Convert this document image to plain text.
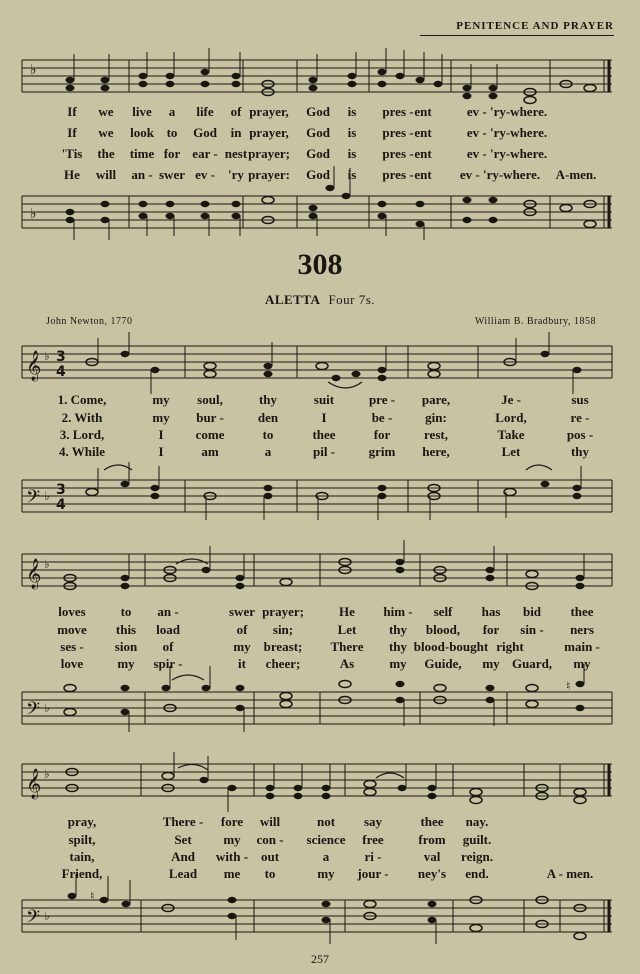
PENITENCE AND PRAYER
♭
♭
If we live a life of prayer, God is pres - ent	ev - 'ry-where.
If we look to God in prayer, God is pres - ent	ev - 'ry-where.
'Tis the time for ear - nest prayer; God is pres - ent	ev - 'ry-where.
He will an - swer ev - 'ry prayer: God is pres - ent ev - 'ry-where. A-men.
308
ALETTA Four 7s.
John Newton, 1770	William B. Bradbury, 1858
𝄞
𝄢
♭
♭
3
4
3
4
1. Come,	my soul,	thy	suit	pre - pare,	Je -	sus
2. With	my bur -	den	I	be -	gin:	Lord,	re -
3. Lord,	I come	to	thee	for	rest,	Take	pos -
4. While	I	am	a	pil -	grim here,	Let	thy
𝄞
𝄢
♭
♭
♮
loves	to an -	swer prayer;	He him - self has bid thee
move this load	of sin;	Let	thy blood, for sin - ners
ses - sion of	my breast; There thy blood-bought right	main -
love	my spir -	it cheer;	As	my Guide, my Guard, my
𝄞
𝄢
♭
♭
♮
pray,	There - fore will	not say	thee nay.
spilt,	Set my con - science free	from guilt.
tain,	And with - out	a	ri -	val reign.
Friend,	Lead me to	my jour - ney's end.	A - men.
257
